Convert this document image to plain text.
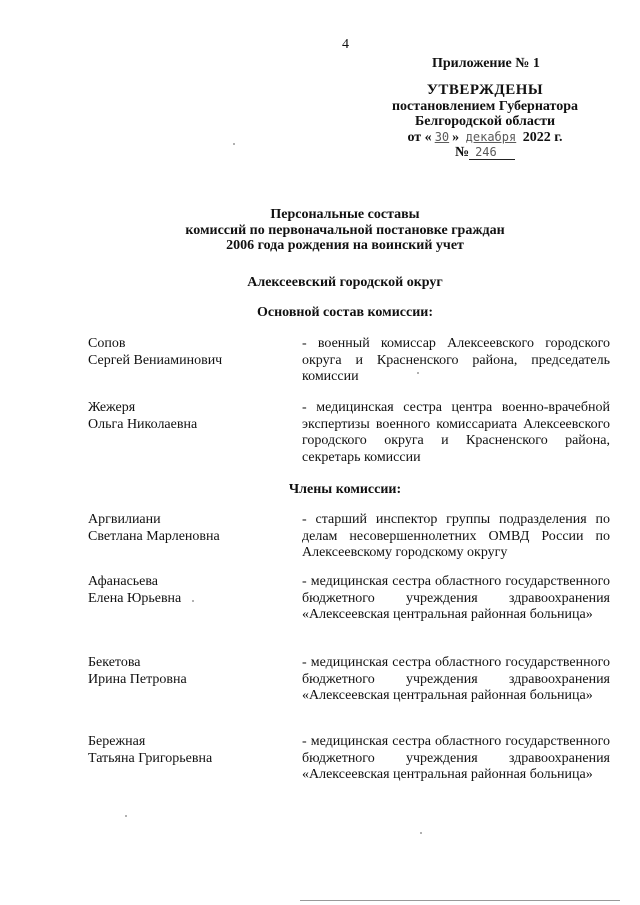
4
Приложение № 1
УТВЕРЖДЕНЫ
постановлением Губернатора
Белгородской области
от « 30 » декабря 2022 г.
№ 246
Персональные составы
комиссий по первоначальной постановке граждан
2006 года рождения на воинский учет
Алексеевский городской округ
Основной состав комиссии:
Сопов
Сергей Вениаминович
- военный комиссар Алексеевского городского округа и Красненского района, председатель комиссии
Жежеря
Ольга Николаевна
- медицинская сестра центра военно-врачебной экспертизы военного комиссариата Алексеевского городского округа и Красненского района, секретарь комиссии
Члены комиссии:
Аргвилиани
Светлана Марленовна
- старший инспектор группы подразделения по делам несовершеннолетних ОМВД России по Алексеевскому городскому округу
Афанасьева
Елена Юрьевна
- медицинская сестра областного государственного бюджетного учреждения здравоохранения «Алексеевская центральная районная больница»
Бекетова
Ирина Петровна
- медицинская сестра областного государственного бюджетного учреждения здравоохранения «Алексеевская центральная районная больница»
Бережная
Татьяна Григорьевна
- медицинская сестра областного государственного бюджетного учреждения здравоохранения «Алексеевская центральная районная больница»
